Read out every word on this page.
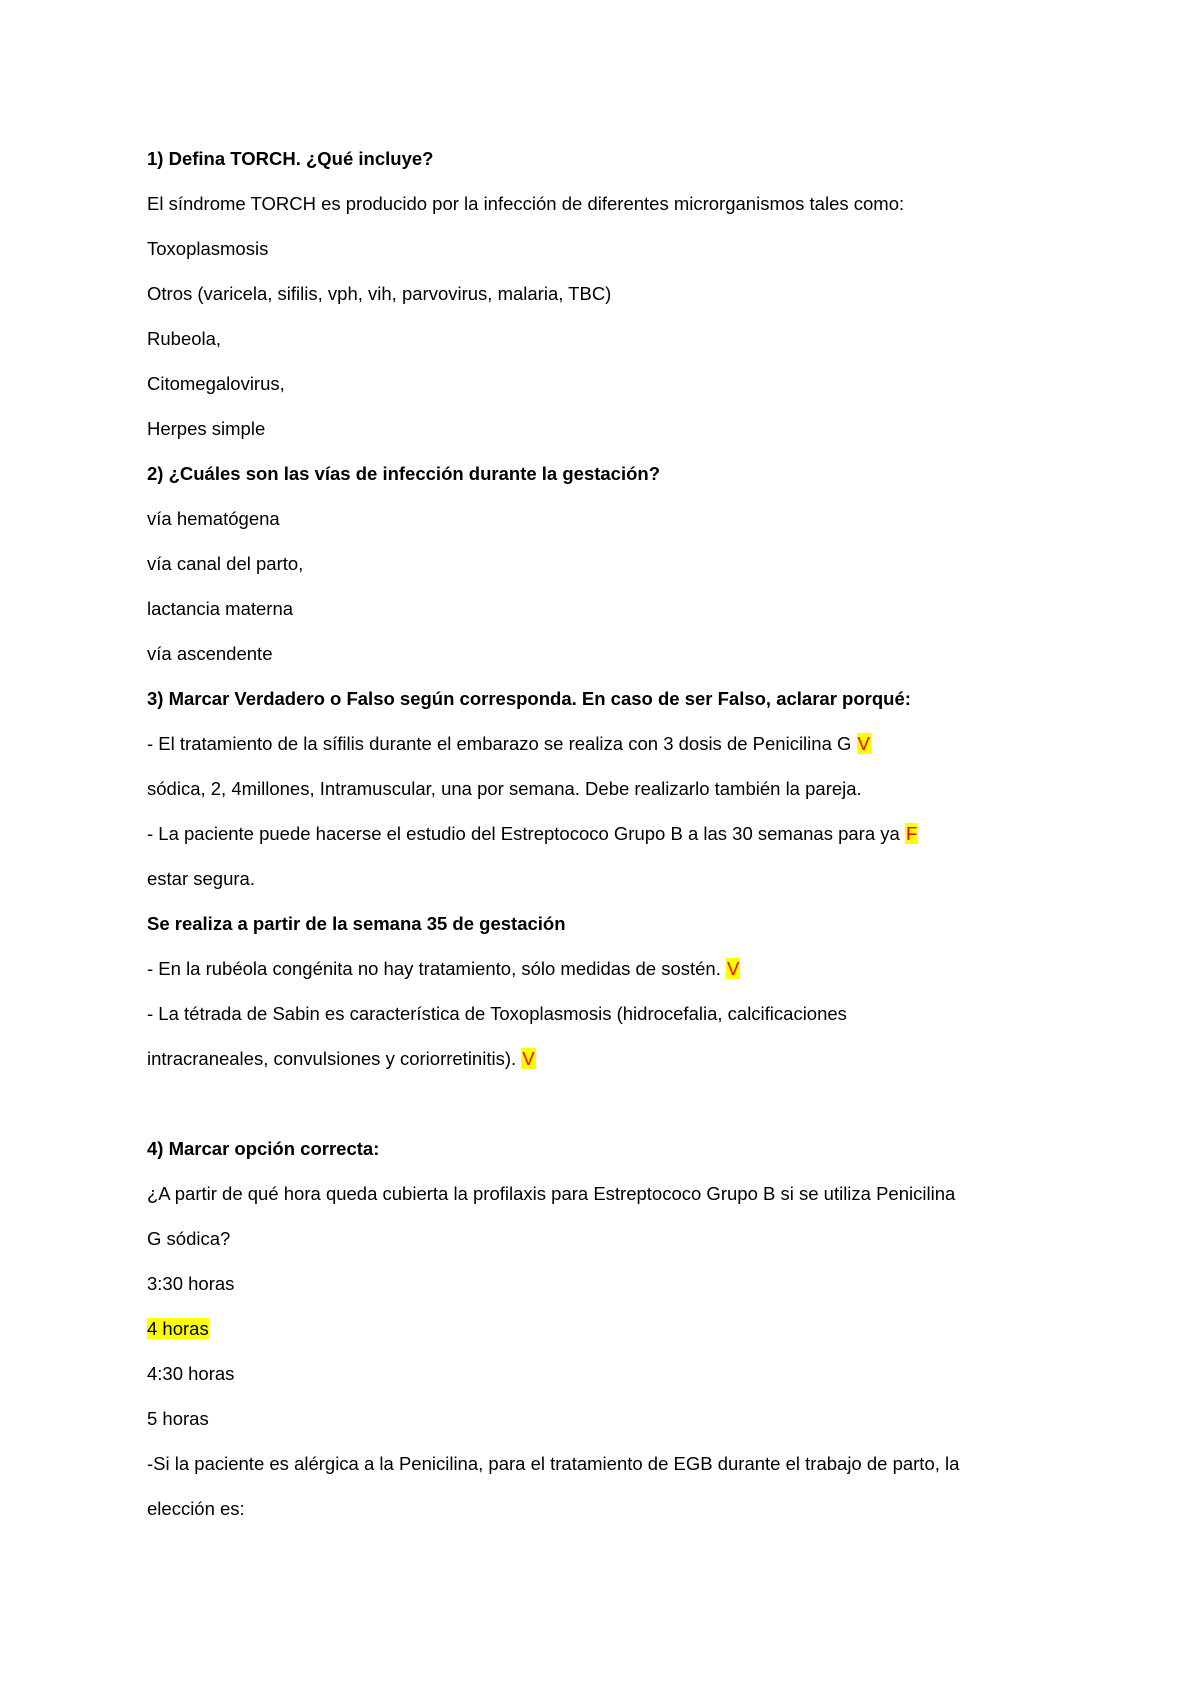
1) Defina TORCH. ¿Qué incluye?

El síndrome TORCH es producido por la infección de diferentes microrganismos tales como:

Toxoplasmosis

Otros (varicela, sifilis, vph, vih, parvovirus, malaria, TBC)

Rubeola,

Citomegalovirus,

Herpes simple

2) ¿Cuáles son las vías de infección durante la gestación?

vía hematógena

vía canal del parto,

lactancia materna

vía ascendente

3) Marcar Verdadero o Falso según corresponda. En caso de ser Falso, aclarar porqué:

- El tratamiento de la sífilis durante el embarazo se realiza con 3 dosis de Penicilina G V

sódica, 2, 4millones, Intramuscular, una por semana. Debe realizarlo también la pareja.

- La paciente puede hacerse el estudio del Estreptococo Grupo B a las 30 semanas para ya F

estar segura.

Se realiza a partir de la semana 35 de gestación

- En la rubéola congénita no hay tratamiento, sólo medidas de sostén. V

- La tétrada de Sabin es característica de Toxoplasmosis (hidrocefalia, calcificaciones

intracraneales, convulsiones y coriorretinitis). V

4) Marcar opción correcta:

¿A partir de qué hora queda cubierta la profilaxis para Estreptococo Grupo B si se utiliza Penicilina

G sódica?

3:30 horas

4 horas

4:30 horas

5 horas

-Si la paciente es alérgica a la Penicilina, para el tratamiento de EGB durante el trabajo de parto, la

elección es:
